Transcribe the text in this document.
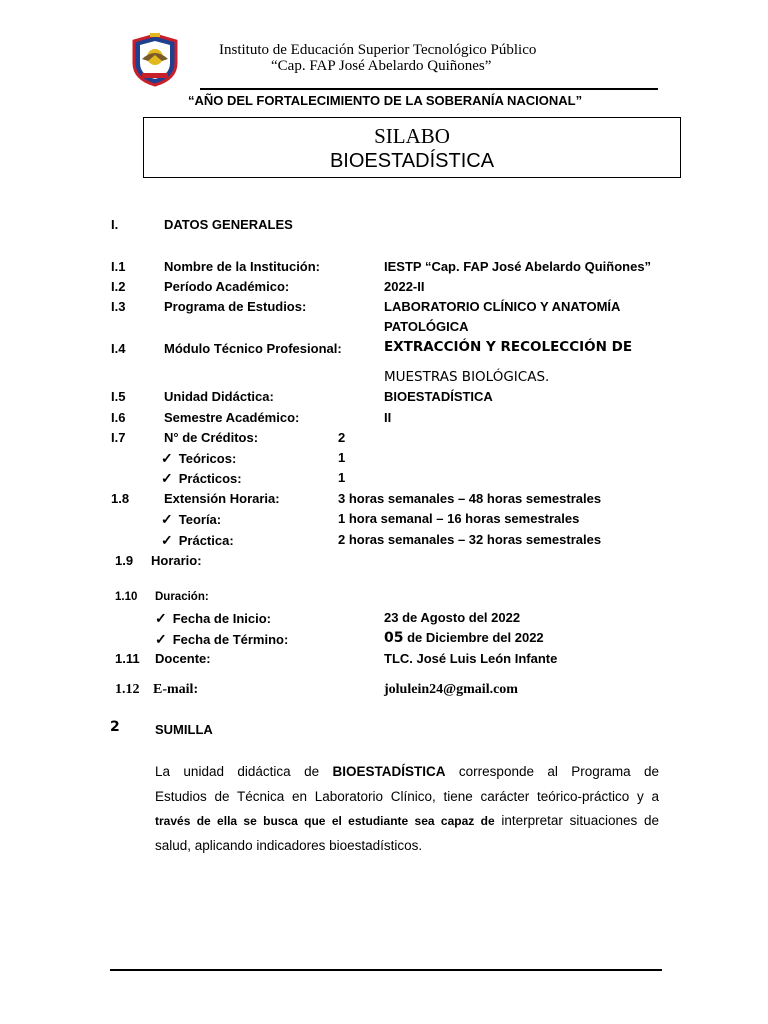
Instituto de Educación Superior Tecnológico Público
“Cap. FAP José Abelardo Quiñones”
“AÑO DEL FORTALECIMIENTO DE LA SOBERANÍA NACIONAL”
SILABO
BIOESTADÍSTICA
I.	DATOS GENERALES
I.1	Nombre de la Institución:	IESTP “Cap. FAP José Abelardo Quiñones”
I.2	Período Académico:	2022-II
I.3	Programa de Estudios:	LABORATORIO CLÍNICO Y ANATOMÍA
PATOLÓGICA
I.4	Módulo Técnico Profesional:	EXTRACCIÓN Y RECOLECCIÓN DE
MUESTRAS BIOLÓGICAS.
I.5	Unidad Didáctica:	BIOESTADÍSTICA
I.6	Semestre Académico:	II
I.7	N° de Créditos:	2
✓ Teóricos:	1
✓ Prácticos:	1
1.8	Extensión Horaria:	3 horas semanales – 48 horas semestrales
✓ Teoría:	1 hora semanal – 16 horas semestrales
✓ Práctica:	2 horas semanales – 32 horas semestrales
1.9 Horario:
1.10 Duración:
✓ Fecha de Inicio:	23 de Agosto del 2022
✓ Fecha de Término:	05 de Diciembre del 2022
1.11 Docente:	TLC. José Luis León Infante
1.12 E-mail:	jolulein24@gmail.com
2	SUMILLA
La unidad didáctica de BIOESTADÍSTICA corresponde al Programa de
Estudios de Técnica en Laboratorio Clínico, tiene carácter teórico-práctico y a
través de ella se busca que el estudiante sea capaz de interpretar situaciones de
salud, aplicando indicadores bioestadísticos.
